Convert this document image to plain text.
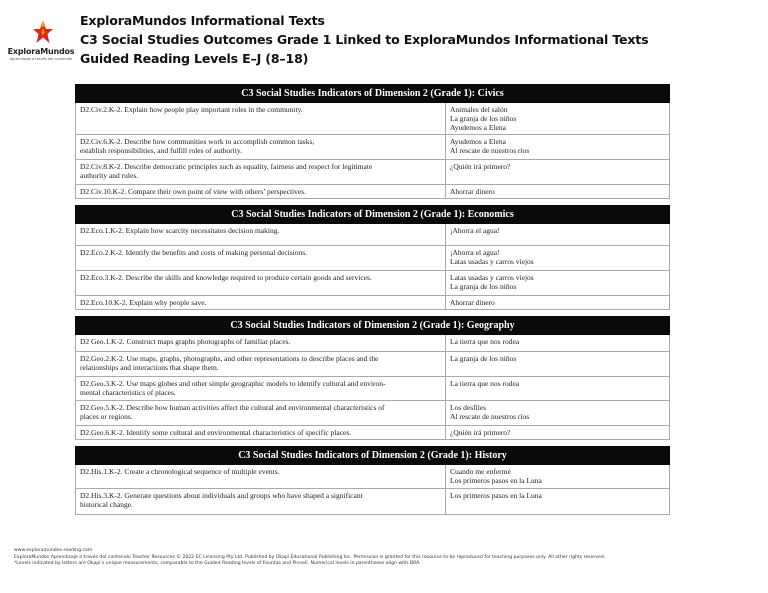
ExploraMundos
Aprendizaje a través del contenido
ExploraMundos Informational Texts
C3 Social Studies Outcomes Grade 1 Linked to ExploraMundos Informational Texts
Guided Reading Levels E–J (8–18)
C3 Social Studies Indicators of Dimension 2 (Grade 1): Civics	

D2.Civ.2.K-2. Explain how people play important roles in the community.	Animales del salón
La granja de los niños
Ayudemos a Elena

D2.Civ.6.K-2. Describe how communities work to accomplish common tasks,
establish responsibilities, and fulfill roles of authority.	Ayudemos a Elena
Al rescate de nuestros ríos

D2.Civ.8.K-2. Describe democratic principles such as equality, fairness and respect for legitimate
authority and rules.	¿Quién irá primero?

D2.Civ.10.K-2. Compare their own point of view with others’ perspectives.	Ahorrar dinero

C3 Social Studies Indicators of Dimension 2 (Grade 1): Economics	

D2.Eco.1.K-2. Explain how scarcity necessitates decision making.	¡Ahorra el agua!

D2.Eco.2.K-2. Identify the benefits and costs of making personal decisions.	¡Ahorra el agua!
Latas usadas y carros viejos

D2.Eco.3.K-2. Describe the skills and knowledge required to produce certain goods and services.	Latas usadas y carros viejos
La granja de los niños

D2.Eco.10.K-2. Explain why people save.	Ahorrar dinero

C3 Social Studies Indicators of Dimension 2 (Grade 1): Geography	

D2 Geo.1.K-2. Construct maps graphs photographs of familiar places.	La tierra que nos rodea

D2.Geo.2.K-2. Use maps, graphs, photographs, and other representations to describe places and the
relationships and interactions that shape them.	La granja de los niños

D2.Geo.3.K-2. Use maps globes and other simple geographic models to identify cultural and environ-
mental characteristics of places.	La tierra que nos rodea

D2.Geo.5.K-2. Describe how human activities affect the cultural and environmental characteristics of
places or regions.	Los desfiles
Al rescate de nuestros ríos

D2.Geo.6.K-2. Identify some cultural and environmental characteristics of specific places.	¿Quién irá primero?

C3 Social Studies Indicators of Dimension 2 (Grade 1): History	

D2.His.1.K-2. Create a chronological sequence of multiple events.	Cuando me enfermé
Los primeros pasos en la Luna

D2.His.3.K-2. Generate questions about individuals and groups who have shaped a significant
historical change.	Los primeros pasos en la Luna
www.exploramundos-reading.com
ExploraMundos Aprendizaje a través del contenido Teacher Resources © 2022 EC Licensing Pty Ltd. Published by Okapi Educational Publishing Inc. Permission is granted for this resource to be reproduced for teaching purposes only. All other rights reserved.
*Levels indicated by letters are Okapi’s unique measurements, comparable to the Guided Reading levels of Fountas and Pinnell. Numerical levels in parentheses align with DRA.
